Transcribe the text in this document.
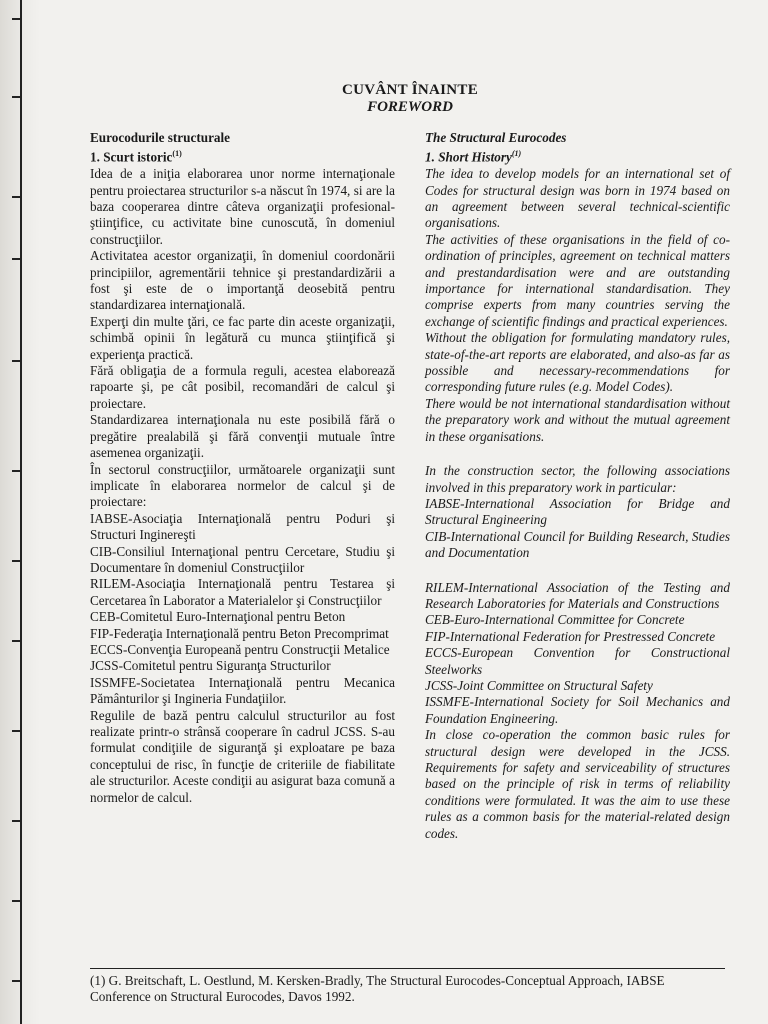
CUVÂNT ÎNAINTE
FOREWORD

Eurocodurile structurale

1. Scurt istoric$^{(1)}$

Idea de a iniţia elaborarea unor norme internaţionale pentru proiectarea structurilor s-a născut în 1974, si are la baza cooperarea dintre câteva organizaţii profesional- ştiinţifice, cu activitate bine cunoscută, în domeniul construcţiilor.

Activitatea acestor organizaţii, în domeniul coordonării principiilor, agrementării tehnice şi prestandardizării a fost şi este de o importanţă deosebită pentru standardizarea internaţională.

Experţi din multe ţări, ce fac parte din aceste organizaţii, schimbă opinii în legătură cu munca ştiinţifică şi experienţa practică.

Fără obligaţia de a formula reguli, acestea elaborează rapoarte şi, pe cât posibil, recomandări de calcul şi proiectare.

Standardizarea internaţionala nu este posibilă fără o pregătire prealabilă şi fără convenţii mutuale între asemenea organizaţii.

În sectorul construcţiilor, următoarele organizaţii sunt implicate în elaborarea normelor de calcul şi de proiectare:

IABSE-Asociaţia Internaţională pentru Poduri şi Structuri Inginereşti

CIB-Consiliul Internaţional pentru Cercetare, Studiu şi Documentare în domeniul Construcţiilor

RILEM-Asociaţia Internaţională pentru Testarea şi Cercetarea în Laborator a Materialelor şi Construcţiilor

CEB-Comitetul Euro-Internaţional pentru Beton

FIP-Federaţia Internaţională pentru Beton Precomprimat

ECCS-Convenţia Europeană pentru Construcţii Metalice

JCSS-Comitetul pentru Siguranţa Structurilor

ISSMFE-Societatea Internaţională pentru Mecanica Pământurilor şi Ingineria Fundaţiilor.

Regulile de bază pentru calculul structurilor au fost realizate printr-o strânsă cooperare în cadrul JCSS. S-au formulat condiţiile de siguranţă şi exploatare pe baza conceptului de risc, în funcţie de criteriile de fiabilitate ale structurilor. Aceste condiţii au asigurat baza comună a normelor de calcul.

The Structural Eurocodes

1. Short History$^{(1)}$

The idea to develop models for an international set of Codes for structural design was born in 1974 based on an agreement between several technical-scientific organisations.

The activities of these organisations in the field of co-ordination of principles, agreement on technical matters and prestandardisation were and are outstanding importance for international standardisation. They comprise experts from many countries serving the exchange of scientific findings and practical experiences.

Without the obligation for formulating mandatory rules, state-of-the-art reports are elaborated, and also-as far as possible and necessary-recommendations for corresponding future rules (e.g. Model Codes).

There would be not international standardisation without the preparatory work and without the mutual agreement in these organisations.

In the construction sector, the following associations involved in this preparatory work in particular:

IABSE-International Association for Bridge and Structural Engineering

CIB-International Council for Building Research, Studies and Documentation

RILEM-International Association of the Testing and Research Laboratories for Materials and Constructions

CEB-Euro-International Committee for Concrete

FIP-International Federation for Prestressed Concrete

ECCS-European Convention for Constructional Steelworks

JCSS-Joint Committee on Structural Safety

ISSMFE-International Society for Soil Mechanics and Foundation Engineering.

In close co-operation the common basic rules for structural design were developed in the JCSS. Requirements for safety and serviceability of structures based on the principle of risk in terms of reliability conditions were formulated. It was the aim to use these rules as a common basis for the material-related design codes.

(1) G. Breitschaft, L. Oestlund, M. Kersken-Bradly, The Structural Eurocodes-Conceptual Approach, IABSE Conference on Structural Eurocodes, Davos 1992.
